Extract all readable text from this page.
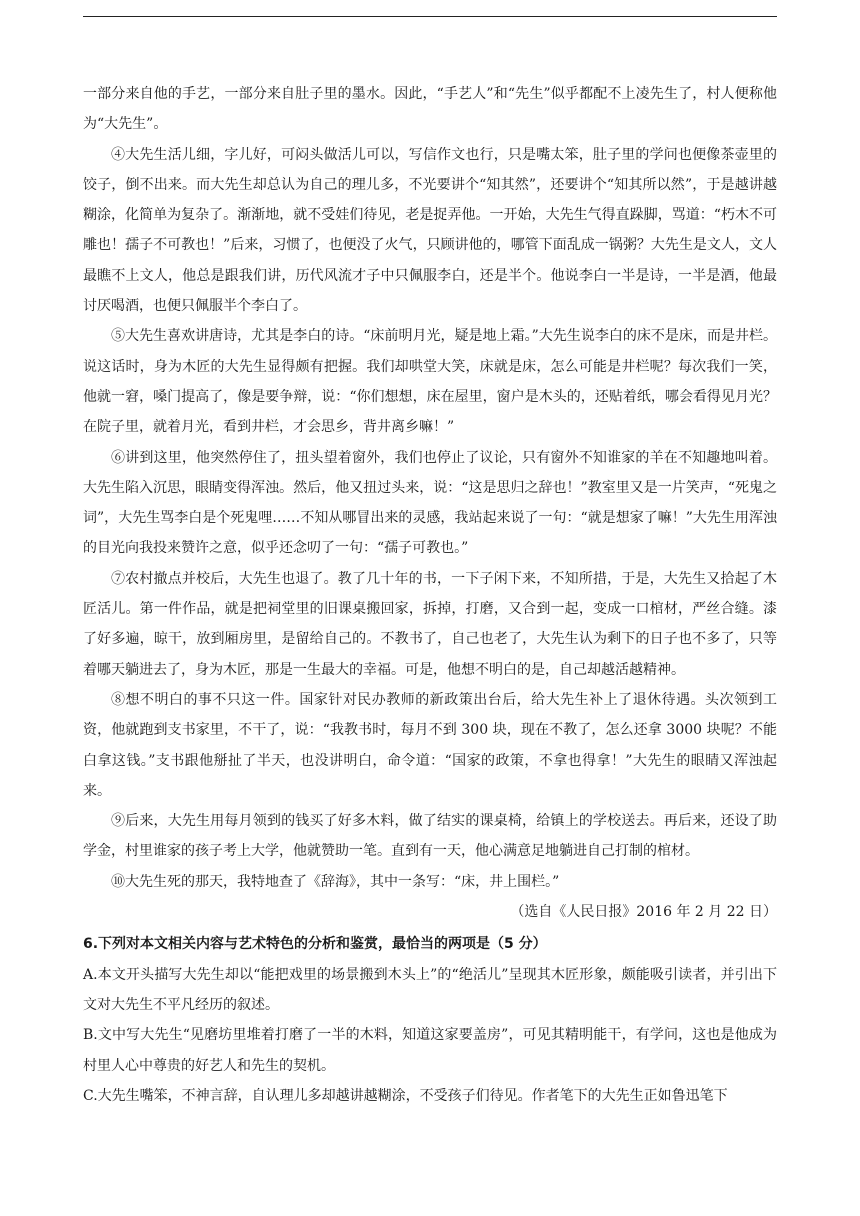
一部分来自他的手艺，一部分来自肚子里的墨水。因此，“手艺人”和“先生”似乎都配不上凌先生了，村人便称他为“大先生”。

④大先生活儿细，字儿好，可闷头做活儿可以，写信作文也行，只是嘴太笨，肚子里的学问也便像茶壶里的饺子，倒不出来。而大先生却总认为自己的理儿多，不光要讲个“知其然”，还要讲个“知其所以然”，于是越讲越糊涂，化简单为复杂了。渐渐地，就不受娃们待见，老是捉弄他。一开始，大先生气得直跺脚，骂道：“朽木不可雕也！孺子不可教也！”后来，习惯了，也便没了火气，只顾讲他的，哪管下面乱成一锅粥？大先生是文人，文人最瞧不上文人，他总是跟我们讲，历代风流才子中只佩服李白，还是半个。他说李白一半是诗，一半是酒，他最讨厌喝酒，也便只佩服半个李白了。

⑤大先生喜欢讲唐诗，尤其是李白的诗。“床前明月光，疑是地上霜。”大先生说李白的床不是床，而是井栏。说这话时，身为木匠的大先生显得颇有把握。我们却哄堂大笑，床就是床，怎么可能是井栏呢？每次我们一笑，他就一窘，嗓门提高了，像是要争辩，说：“你们想想，床在屋里，窗户是木头的，还贴着纸，哪会看得见月光？在院子里，就着月光，看到井栏，才会思乡，背井离乡嘛！”

⑥讲到这里，他突然停住了，扭头望着窗外，我们也停止了议论，只有窗外不知谁家的羊在不知趣地叫着。大先生陷入沉思，眼睛变得浑浊。然后，他又扭过头来，说：“这是思归之辞也！”教室里又是一片笑声，“死鬼之词”，大先生骂李白是个死鬼哩……不知从哪冒出来的灵感，我站起来说了一句：“就是想家了嘛！”大先生用浑浊的目光向我投来赞许之意，似乎还念叨了一句：“孺子可教也。”

⑦农村撤点并校后，大先生也退了。教了几十年的书，一下子闲下来，不知所措，于是，大先生又拾起了木匠活儿。第一件作品，就是把祠堂里的旧课桌搬回家，拆掉，打磨，又合到一起，变成一口棺材，严丝合缝。漆了好多遍，晾干，放到厢房里，是留给自己的。不教书了，自己也老了，大先生认为剩下的日子也不多了，只等着哪天躺进去了，身为木匠，那是一生最大的幸福。可是，他想不明白的是，自己却越活越精神。

⑧想不明白的事不只这一件。国家针对民办教师的新政策出台后，给大先生补上了退休待遇。头次领到工资，他就跑到支书家里，不干了，说：“我教书时，每月不到 300 块，现在不教了，怎么还拿 3000 块呢？不能白拿这钱。”支书跟他掰扯了半天，也没讲明白，命令道：“国家的政策，不拿也得拿！”大先生的眼睛又浑浊起来。

⑨后来，大先生用每月领到的钱买了好多木料，做了结实的课桌椅，给镇上的学校送去。再后来，还设了助学金，村里谁家的孩子考上大学，他就赞助一笔。直到有一天，他心满意足地躺进自己打制的棺材。

⑩大先生死的那天，我特地查了《辞海》，其中一条写：“床，井上围栏。”

（选自《人民日报》2016 年 2 月 22 日）

6.下列对本文相关内容与艺术特色的分析和鉴赏，最恰当的两项是（5 分）

A.本文开头描写大先生却以“能把戏里的场景搬到木头上”的“绝活儿”呈现其木匠形象，颇能吸引读者，并引出下文对大先生不平凡经历的叙述。

B.文中写大先生“见磨坊里堆着打磨了一半的木料，知道这家要盖房”，可见其精明能干，有学问，这也是他成为村里人心中尊贵的好艺人和先生的契机。

C.大先生嘴笨，不神言辞，自认理儿多却越讲越糊涂，不受孩子们待见。作者笔下的大先生正如鲁迅笔下
